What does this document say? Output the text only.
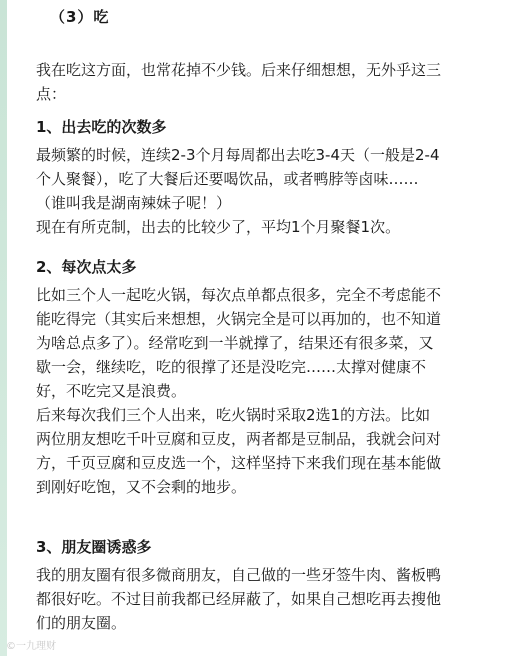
（3）吃
我在吃这方面，也常花掉不少钱。后来仔细想想，无外乎这三
点：
1、出去吃的次数多
最频繁的时候，连续2-3个月每周都出去吃3-4天（一般是2-4
个人聚餐），吃了大餐后还要喝饮品，或者鸭脖等卤味……
（谁叫我是湖南辣妹子呢！）
现在有所克制，出去的比较少了，平均1个月聚餐1次。
2、每次点太多
比如三个人一起吃火锅，每次点单都点很多，完全不考虑能不
能吃得完（其实后来想想，火锅完全是可以再加的，也不知道
为啥总点多了）。经常吃到一半就撑了，结果还有很多菜，又
歇一会，继续吃，吃的很撑了还是没吃完……太撑对健康不
好，不吃完又是浪费。
后来每次我们三个人出来，吃火锅时采取2选1的方法。比如
两位朋友想吃千叶豆腐和豆皮，两者都是豆制品，我就会问对
方，千页豆腐和豆皮选一个，这样坚持下来我们现在基本能做
到刚好吃饱，又不会剩的地步。
3、朋友圈诱惑多
我的朋友圈有很多微商朋友，自己做的一些牙签牛肉、酱板鸭
都很好吃。不过目前我都已经屏蔽了，如果自己想吃再去搜他
们的朋友圈。
©一九理财
